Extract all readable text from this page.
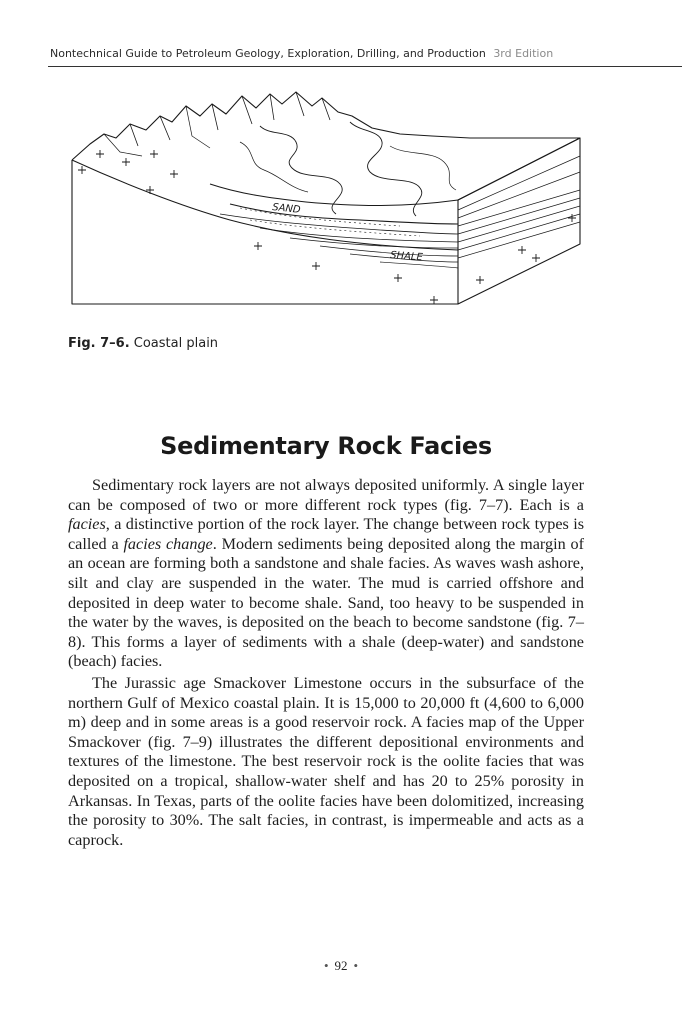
Nontechnical Guide to Petroleum Geology, Exploration, Drilling, and Production 3rd Edition
SAND
SHALE
Fig. 7–6. Coastal plain
Sedimentary Rock Facies

Sedimentary rock layers are not always deposited uniformly. A single layer can be composed of two or more different rock types (fig. 7–7). Each is a facies, a distinctive portion of the rock layer. The change between rock types is called a facies change. Modern sediments being deposited along the margin of an ocean are forming both a sandstone and shale facies. As waves wash ashore, silt and clay are suspended in the water. The mud is carried offshore and deposited in deep water to become shale. Sand, too heavy to be suspended in the water by the waves, is deposited on the beach to become sandstone (fig. 7–8). This forms a layer of sediments with a shale (deep-water) and sandstone (beach) facies.

The Jurassic age Smackover Limestone occurs in the subsurface of the northern Gulf of Mexico coastal plain. It is 15,000 to 20,000 ft (4,600 to 6,000 m) deep and in some areas is a good reservoir rock. A facies map of the Upper Smackover (fig. 7–9) illustrates the different depositional environments and textures of the limestone. The best reservoir rock is the oolite facies that was deposited on a tropical, shallow-water shelf and has 20 to 25% porosity in Arkansas. In Texas, parts of the oolite facies have been dolomitized, increasing the porosity to 30%. The salt facies, in contrast, is impermeable and acts as a caprock.

• 92 •
